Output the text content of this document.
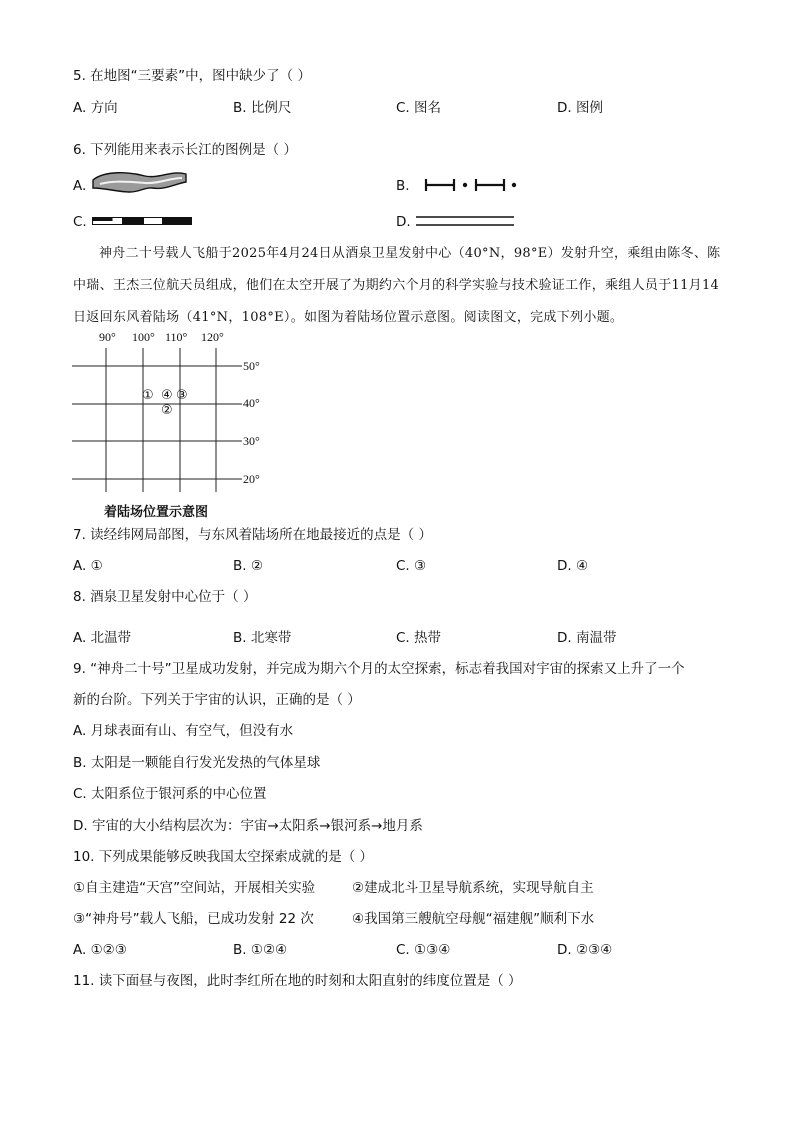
5. 在地图“三要素”中，图中缺少了（ ）
A. 方向	B. 比例尺	C. 图名	D. 图例
6. 下列能用来表示长江的图例是（ ）
A.	B.
C.	D.
神舟二十号载人飞船于2025年4月24日从酒泉卫星发射中心（40°N，98°E）发射升空，乘组由陈冬、陈中瑞、王杰三位航天员组成，他们在太空开展了为期约六个月的科学实验与技术验证工作，乘组人员于11月14日返回东风着陆场（41°N，108°E）。如图为着陆场位置示意图。阅读图文，完成下列小题。
90° 100° 110° 120°
50°
40°
30°
20°
① ④ ③
②
着陆场位置示意图
7. 读经纬网局部图，与东风着陆场所在地最接近的点是（ ）
A. ①	B. ②	C. ③	D. ④
8. 酒泉卫星发射中心位于（ ）
A. 北温带	B. 北寒带	C. 热带	D. 南温带
9. “神舟二十号”卫星成功发射，并完成为期六个月的太空探索，标志着我国对宇宙的探索又上升了一个
新的台阶。下列关于宇宙的认识，正确的是（ ）
A. 月球表面有山、有空气，但没有水
B. 太阳是一颗能自行发光发热的气体星球
C. 太阳系位于银河系的中心位置
D. 宇宙的大小结构层次为：宇宙→太阳系→银河系→地月系
10. 下列成果能够反映我国太空探索成就的是（ ）
①自主建造“天宫”空间站，开展相关实验	②建成北斗卫星导航系统，实现导航自主
③“神舟号”载人飞船，已成功发射 22 次	④我国第三艘航空母舰“福建舰”顺利下水
A. ①②③	B. ①②④	C. ①③④	D. ②③④
11. 读下面昼与夜图，此时李红所在地的时刻和太阳直射的纬度位置是（ ）
